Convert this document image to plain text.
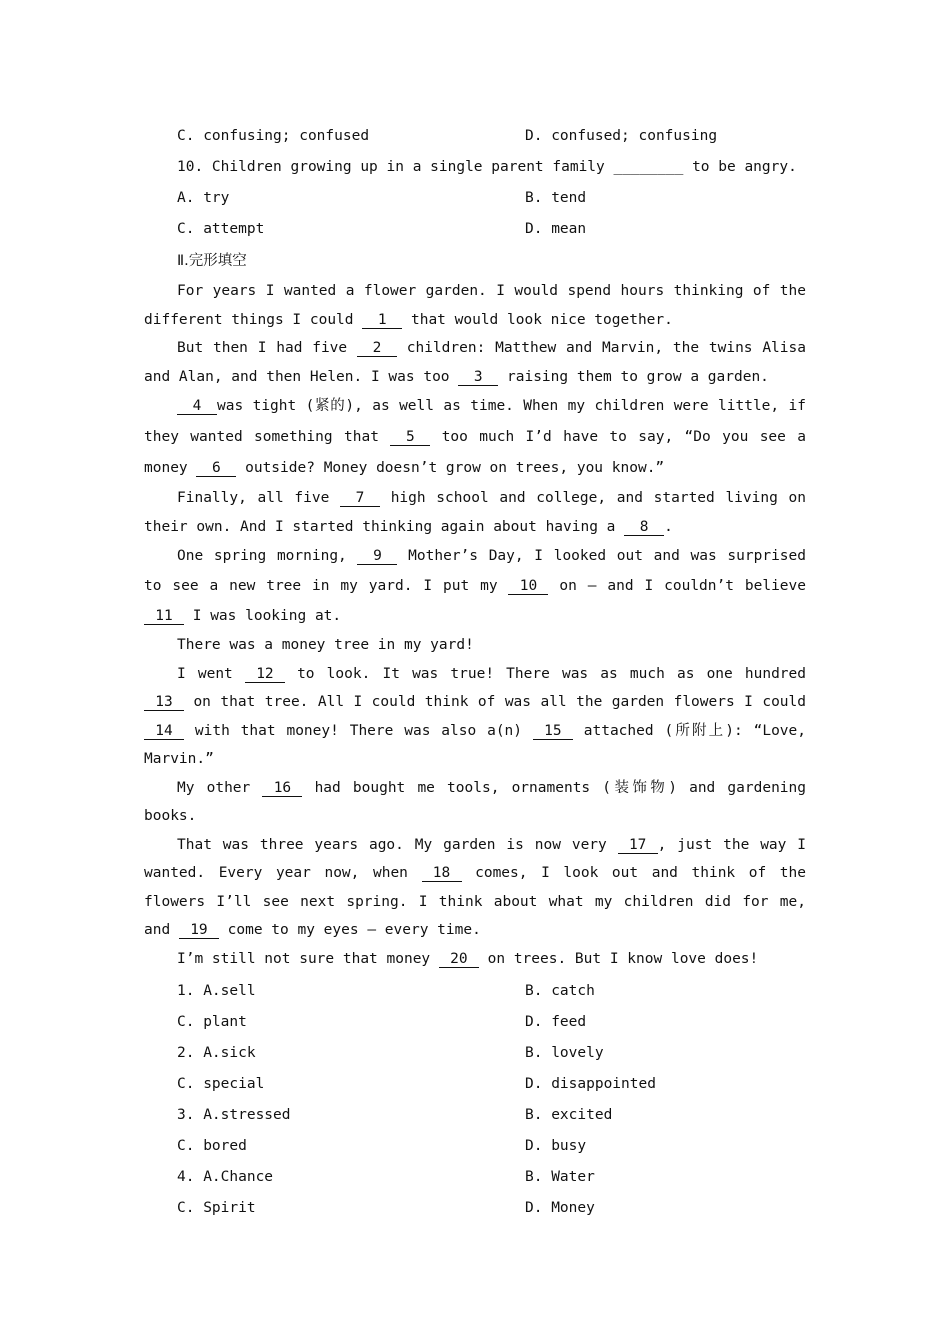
C. confusing; confused	D. confused; confusing
10. Children growing up in a single parent family ________ to be angry.
A. try	B. tend
C. attempt	D. mean
Ⅱ.完形填空

For years I wanted a flower garden. I would spend hours thinking of the different things I could 1 that would look nice together.

But then I had five 2 children: Matthew and Marvin, the twins Alisa and Alan, and then Helen. I was too 3 raising them to grow a garden.

4 was tight (紧的), as well as time. When my children were little, if they wanted something that 5 too much I’d have to say, “Do you see a money 6 outside? Money doesn’t grow on trees, you know.”

Finally, all five 7 high school and college, and started living on their own. And I started thinking again about having a 8 .

One spring morning, 9 Mother’s Day, I looked out and was surprised to see a new tree in my yard. I put my 10 on — and I couldn’t believe 11 I was looking at.

There was a money tree in my yard!

I went 12 to look. It was true! There was as much as one hundred 13 on that tree. All I could think of was all the garden flowers I could 14 with that money! There was also a(n) 15 attached (所附上): “Love, Marvin.”

My other 16 had bought me tools, ornaments (装饰物) and gardening books.

That was three years ago. My garden is now very 17 , just the way I wanted. Every year now, when 18 comes, I look out and think of the flowers I’ll see next spring. I think about what my children did for me, and 19 come to my eyes — every time.

I’m still not sure that money 20 on trees. But I know love does!

1. A.sell	B. catch
C. plant	D. feed
2. A.sick	B. lovely
C. special	D. disappointed
3. A.stressed	B. excited
C. bored	D. busy
4. A.Chance	B. Water
C. Spirit	D. Money
